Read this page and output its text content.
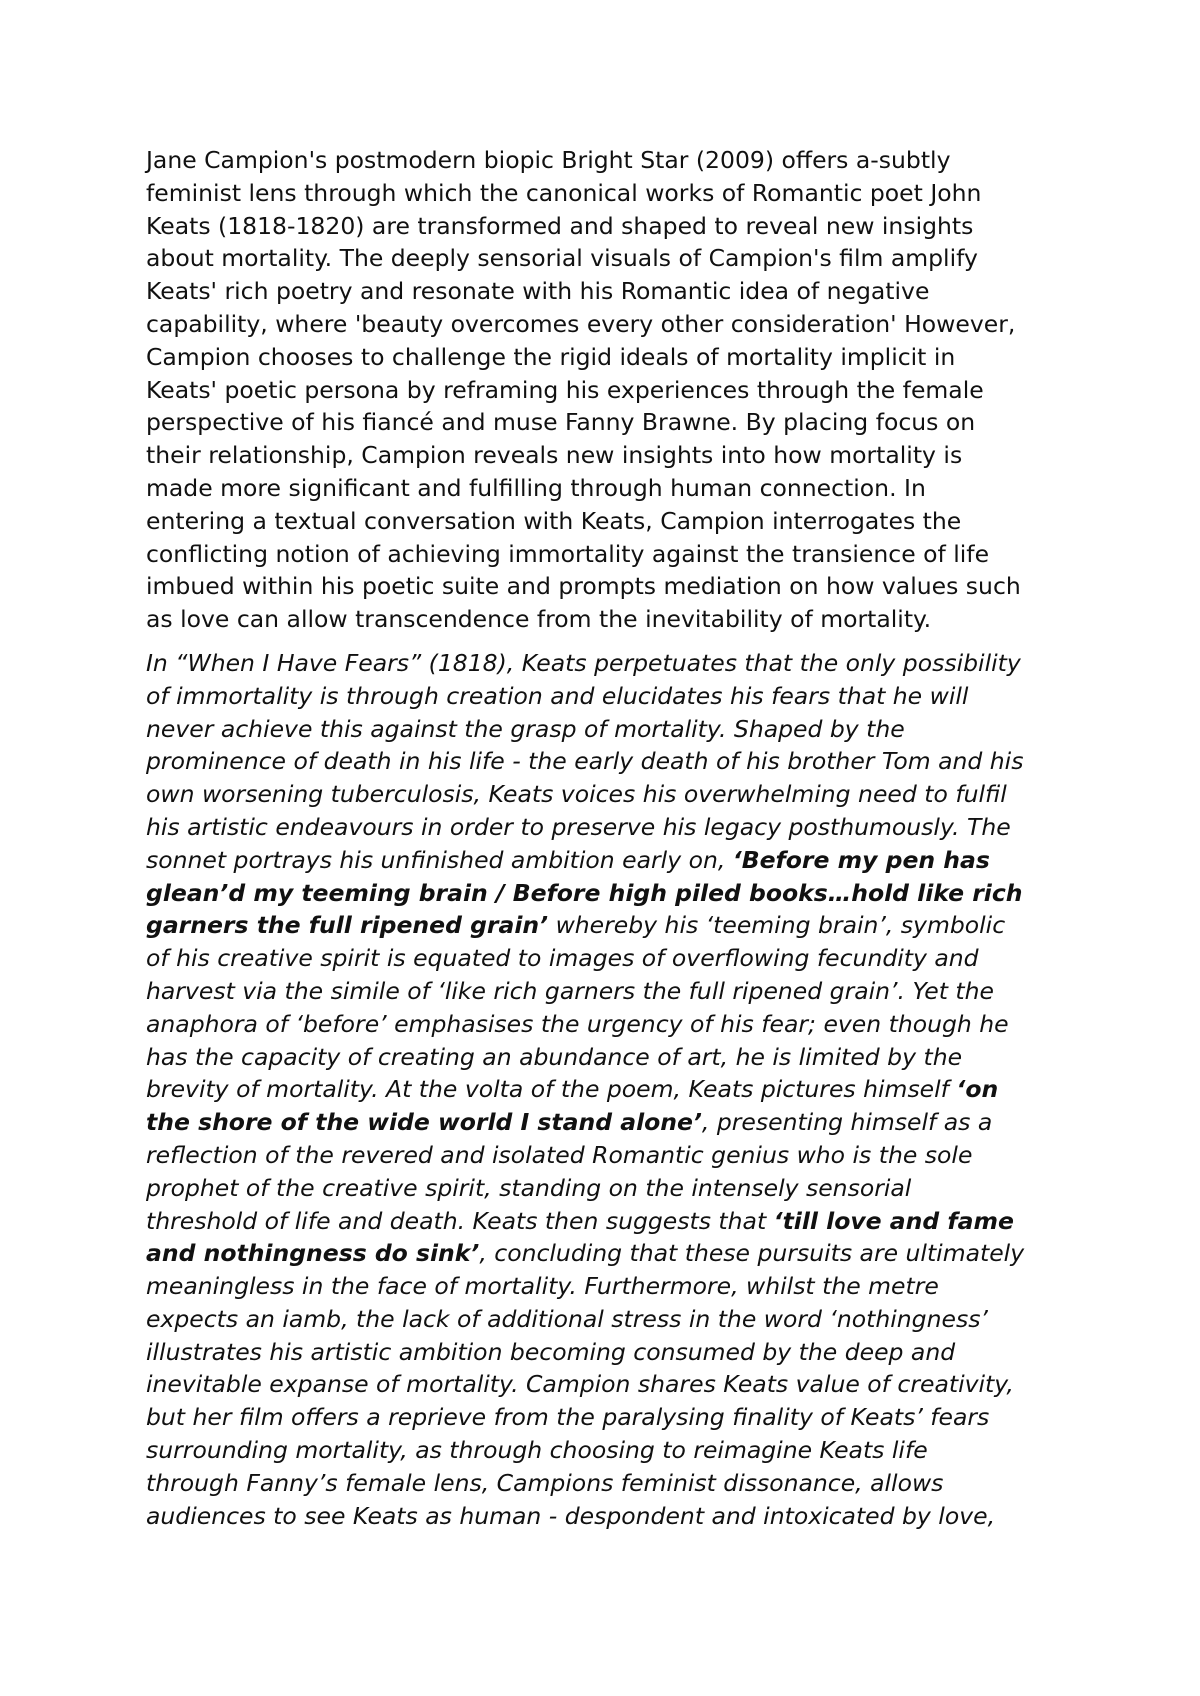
Jane Campion's postmodern biopic Bright Star (2009) offers a-subtly
feminist lens through which the canonical works of Romantic poet John
Keats (1818-1820) are transformed and shaped to reveal new insights
about mortality. The deeply sensorial visuals of Campion's film amplify
Keats' rich poetry and resonate with his Romantic idea of negative
capability, where 'beauty overcomes every other consideration' However,
Campion chooses to challenge the rigid ideals of mortality implicit in
Keats' poetic persona by reframing his experiences through the female
perspective of his fiancé and muse Fanny Brawne. By placing focus on
their relationship, Campion reveals new insights into how mortality is
made more significant and fulfilling through human connection. In
entering a textual conversation with Keats, Campion interrogates the
conflicting notion of achieving immortality against the transience of life
imbued within his poetic suite and prompts mediation on how values such
as love can allow transcendence from the inevitability of mortality.

In “When I Have Fears” (1818), Keats perpetuates that the only possibility
of immortality is through creation and elucidates his fears that he will
never achieve this against the grasp of mortality. Shaped by the
prominence of death in his life - the early death of his brother Tom and his
own worsening tuberculosis, Keats voices his overwhelming need to fulfil
his artistic endeavours in order to preserve his legacy posthumously. The
sonnet portrays his unfinished ambition early on, ‘Before my pen has
glean’d my teeming brain / Before high piled books…hold like rich
garners the full ripened grain’ whereby his ‘teeming brain’, symbolic
of his creative spirit is equated to images of overflowing fecundity and
harvest via the simile of ‘like rich garners the full ripened grain’. Yet the
anaphora of ‘before’ emphasises the urgency of his fear; even though he
has the capacity of creating an abundance of art, he is limited by the
brevity of mortality. At the volta of the poem, Keats pictures himself ‘on
the shore of the wide world I stand alone’, presenting himself as a
reflection of the revered and isolated Romantic genius who is the sole
prophet of the creative spirit, standing on the intensely sensorial
threshold of life and death. Keats then suggests that ‘till love and fame
and nothingness do sink’, concluding that these pursuits are ultimately
meaningless in the face of mortality. Furthermore, whilst the metre
expects an iamb, the lack of additional stress in the word ‘nothingness’
illustrates his artistic ambition becoming consumed by the deep and
inevitable expanse of mortality. Campion shares Keats value of creativity,
but her film offers a reprieve from the paralysing finality of Keats’ fears
surrounding mortality, as through choosing to reimagine Keats life
through Fanny’s female lens, Campions feminist dissonance, allows
audiences to see Keats as human - despondent and intoxicated by love,
